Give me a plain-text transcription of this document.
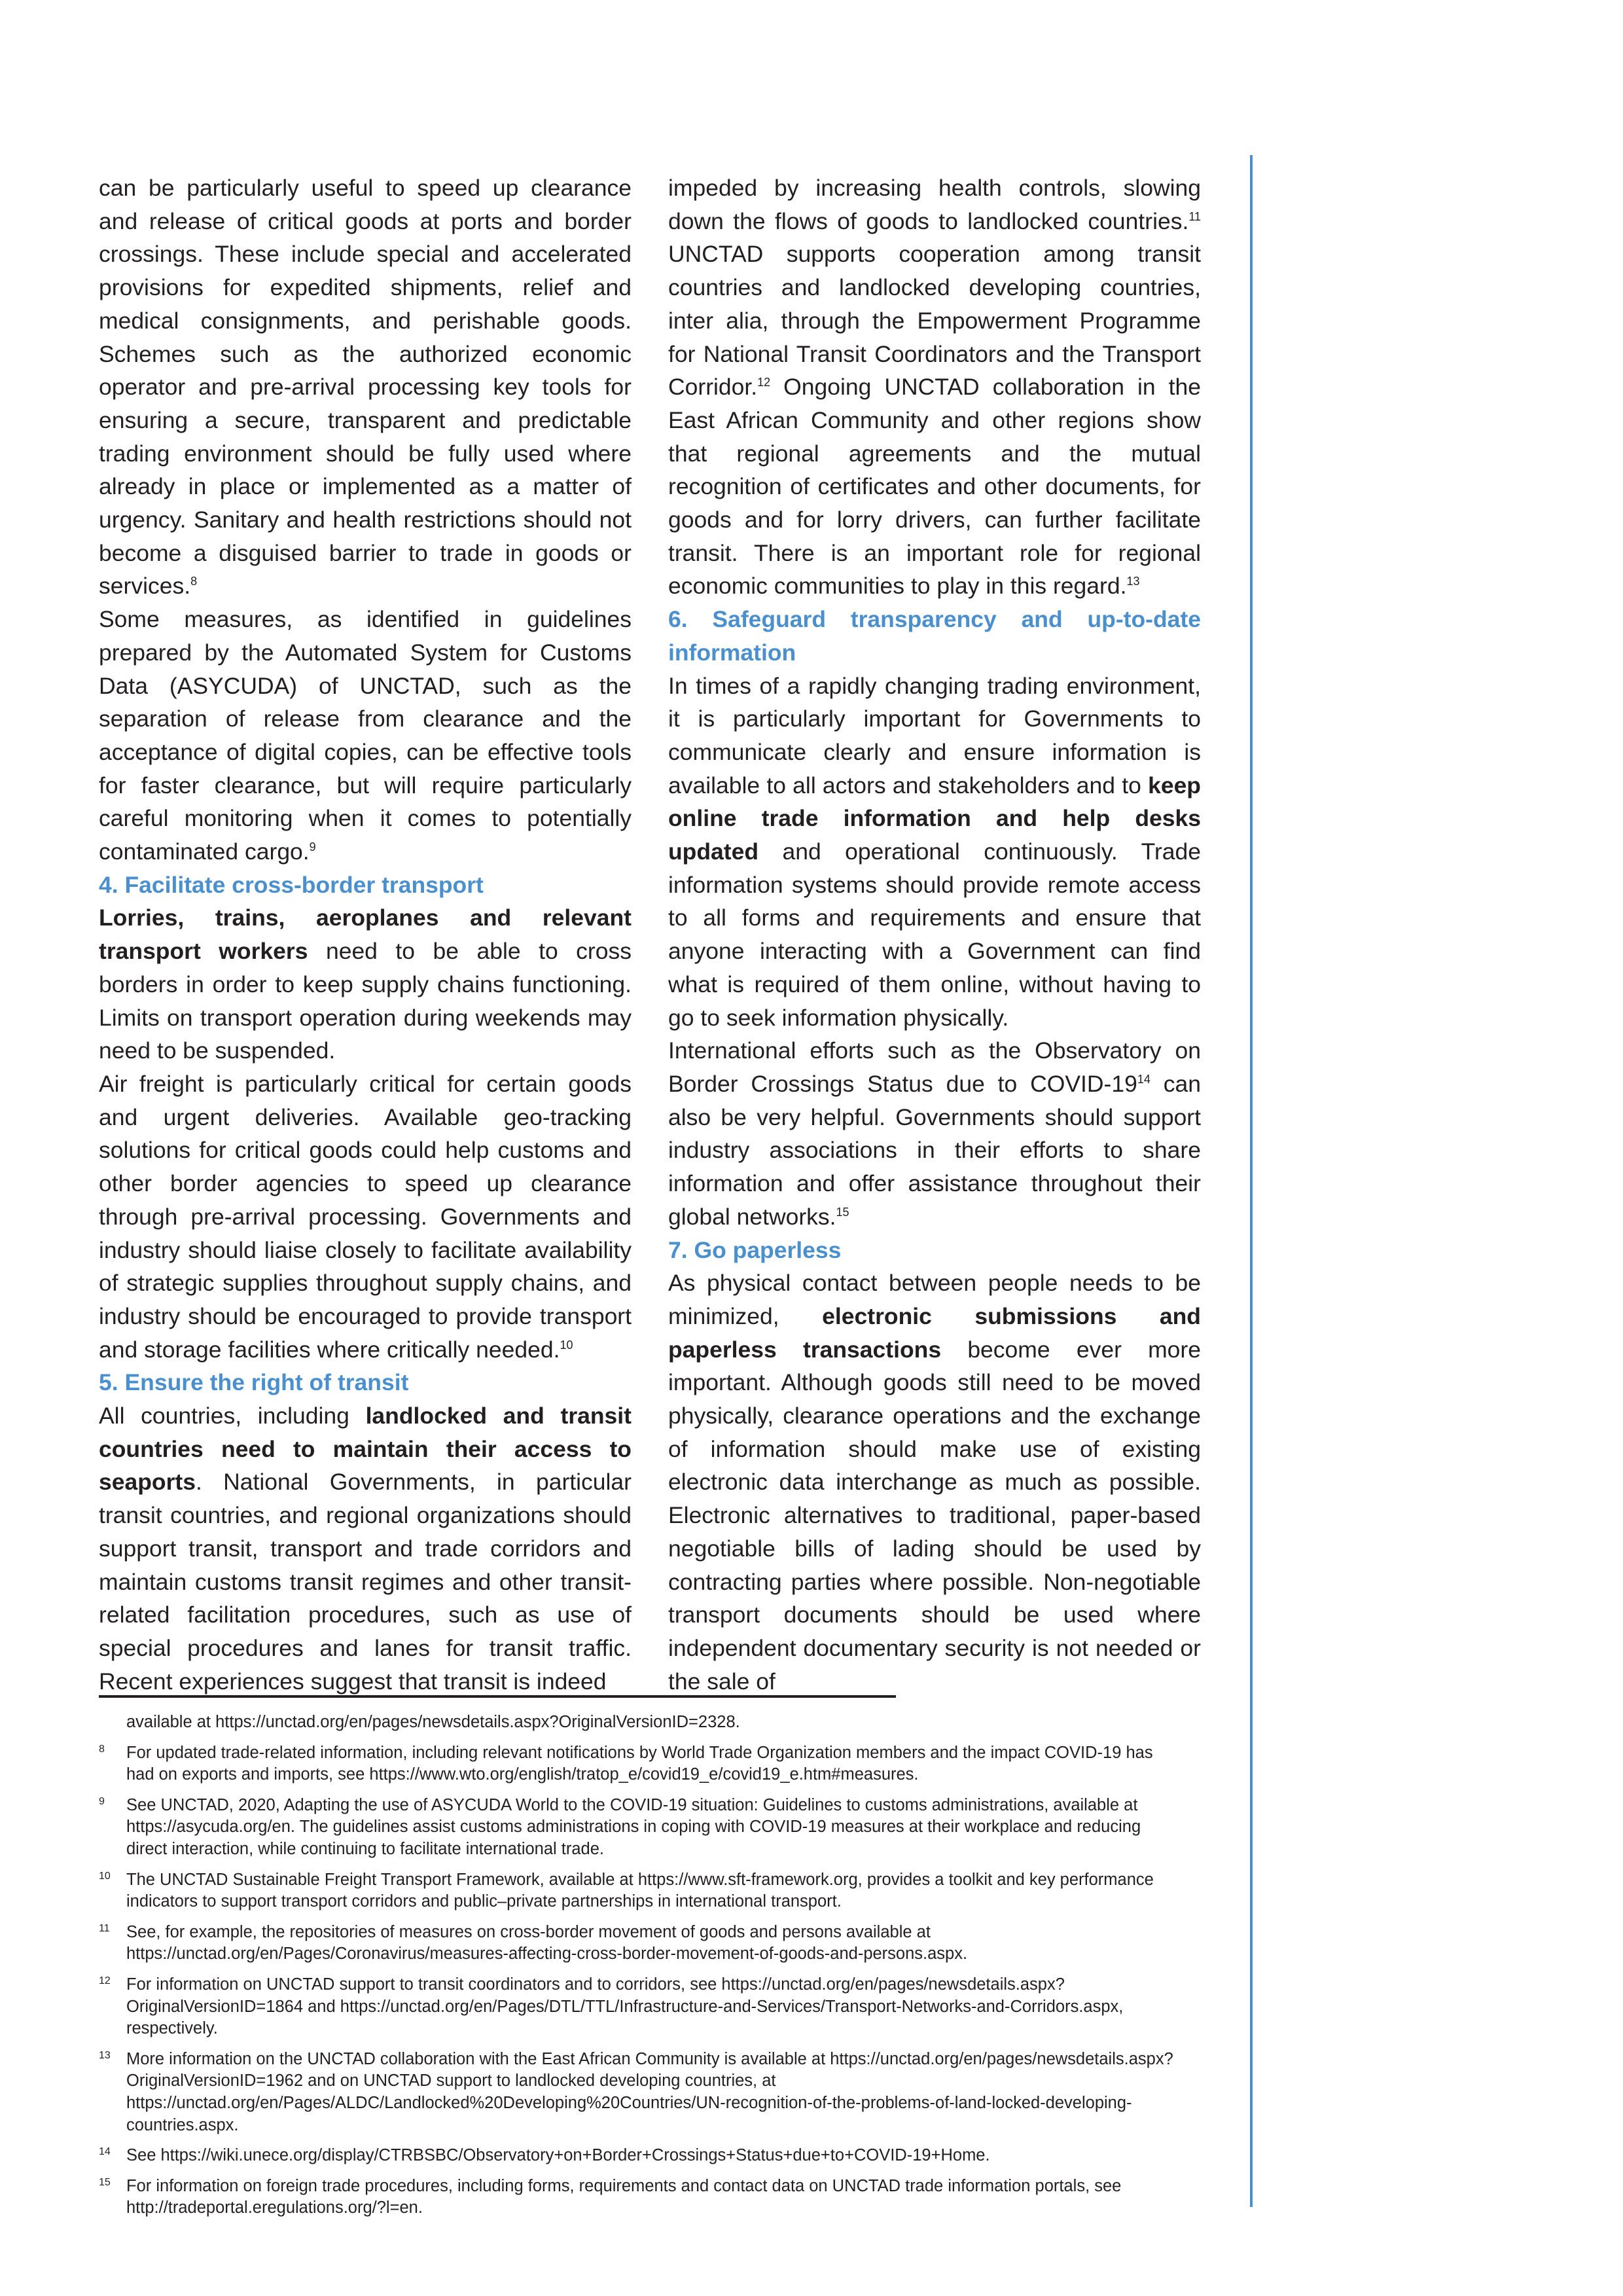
can be particularly useful to speed up clearance and release of critical goods at ports and border crossings. These include special and accelerated provisions for expedited shipments, relief and medical consignments, and perishable goods. Schemes such as the authorized economic operator and pre-arrival processing key tools for ensuring a secure, transparent and predictable trading environment should be fully used where already in place or implemented as a matter of urgency. Sanitary and health restrictions should not become a disguised barrier to trade in goods or services.$^8$

Some measures, as identified in guidelines prepared by the Automated System for Customs Data (ASYCUDA) of UNCTAD, such as the separation of release from clearance and the acceptance of digital copies, can be effective tools for faster clearance, but will require particularly careful monitoring when it comes to potentially contaminated cargo.$^9$

4. Facilitate cross-border transport

Lorries, trains, aeroplanes and relevant transport workers need to be able to cross borders in order to keep supply chains functioning. Limits on transport operation during weekends may need to be suspended.

Air freight is particularly critical for certain goods and urgent deliveries. Available geo-tracking solutions for critical goods could help customs and other border agencies to speed up clearance through pre-arrival processing. Governments and industry should liaise closely to facilitate availability of strategic supplies throughout supply chains, and industry should be encouraged to provide transport and storage facilities where critically needed.$^{10}$

5. Ensure the right of transit

All countries, including landlocked and transit countries need to maintain their access to seaports. National Governments, in particular transit countries, and regional organizations should support transit, transport and trade corridors and maintain customs transit regimes and other transit-related facilitation procedures, such as use of special procedures and lanes for transit traffic. Recent experiences suggest that transit is indeed

impeded by increasing health controls, slowing down the flows of goods to landlocked countries.$^{11}$ UNCTAD supports cooperation among transit countries and landlocked developing countries, inter alia, through the Empowerment Programme for National Transit Coordinators and the Transport Corridor.$^{12}$ Ongoing UNCTAD collaboration in the East African Community and other regions show that regional agreements and the mutual recognition of certificates and other documents, for goods and for lorry drivers, can further facilitate transit. There is an important role for regional economic communities to play in this regard.$^{13}$

6. Safeguard transparency and up-to-date information

In times of a rapidly changing trading environment, it is particularly important for Governments to communicate clearly and ensure information is available to all actors and stakeholders and to keep online trade information and help desks updated and operational continuously. Trade information systems should provide remote access to all forms and requirements and ensure that anyone interacting with a Government can find what is required of them online, without having to go to seek information physically.

International efforts such as the Observatory on Border Crossings Status due to COVID-$19^{14}$ can also be very helpful. Governments should support industry associations in their efforts to share information and offer assistance throughout their global networks.$^{15}$

7. Go paperless

As physical contact between people needs to be minimized, electronic submissions and paperless transactions become ever more important. Although goods still need to be moved physically, clearance operations and the exchange of information should make use of existing electronic data interchange as much as possible. Electronic alternatives to traditional, paper-based negotiable bills of lading should be used by contracting parties where possible. Non-negotiable transport documents should be used where independent documentary security is not needed or the sale of

available at https://unctad.org/en/pages/newsdetails.aspx?OriginalVersionID=2328.

8 For updated trade-related information, including relevant notifications by World Trade Organization members and the impact COVID-19 has had on exports and imports, see https://www.wto.org/english/tratop_e/covid19_e/covid19_e.htm#measures.

9 See UNCTAD, 2020, Adapting the use of ASYCUDA World to the COVID-19 situation: Guidelines to customs administrations, available at https://asycuda.org/en. The guidelines assist customs administrations in coping with COVID-19 measures at their workplace and reducing direct interaction, while continuing to facilitate international trade.

10 The UNCTAD Sustainable Freight Transport Framework, available at https://www.sft-framework.org, provides a toolkit and key performance indicators to support transport corridors and public–private partnerships in international transport.

11 See, for example, the repositories of measures on cross-border movement of goods and persons available at https://unctad.org/en/Pages/Coronavirus/measures-affecting-cross-border-movement-of-goods-and-persons.aspx.

12 For information on UNCTAD support to transit coordinators and to corridors, see https://unctad.org/en/pages/newsdetails.aspx?OriginalVersionID=1864 and https://unctad.org/en/Pages/DTL/TTL/Infrastructure-and-Services/Transport-Networks-and-Corridors.aspx, respectively.

13 More information on the UNCTAD collaboration with the East African Community is available at https://unctad.org/en/pages/newsdetails.aspx?OriginalVersionID=1962 and on UNCTAD support to landlocked developing countries, at https://unctad.org/en/Pages/ALDC/Landlocked%20Developing%20Countries/UN-recognition-of-the-problems-of-land-locked-developing-countries.aspx.

14 See https://wiki.unece.org/display/CTRBSBC/Observatory+on+Border+Crossings+Status+due+to+COVID-19+Home.

15 For information on foreign trade procedures, including forms, requirements and contact data on UNCTAD trade information portals, see http://tradeportal.eregulations.org/?l=en.
